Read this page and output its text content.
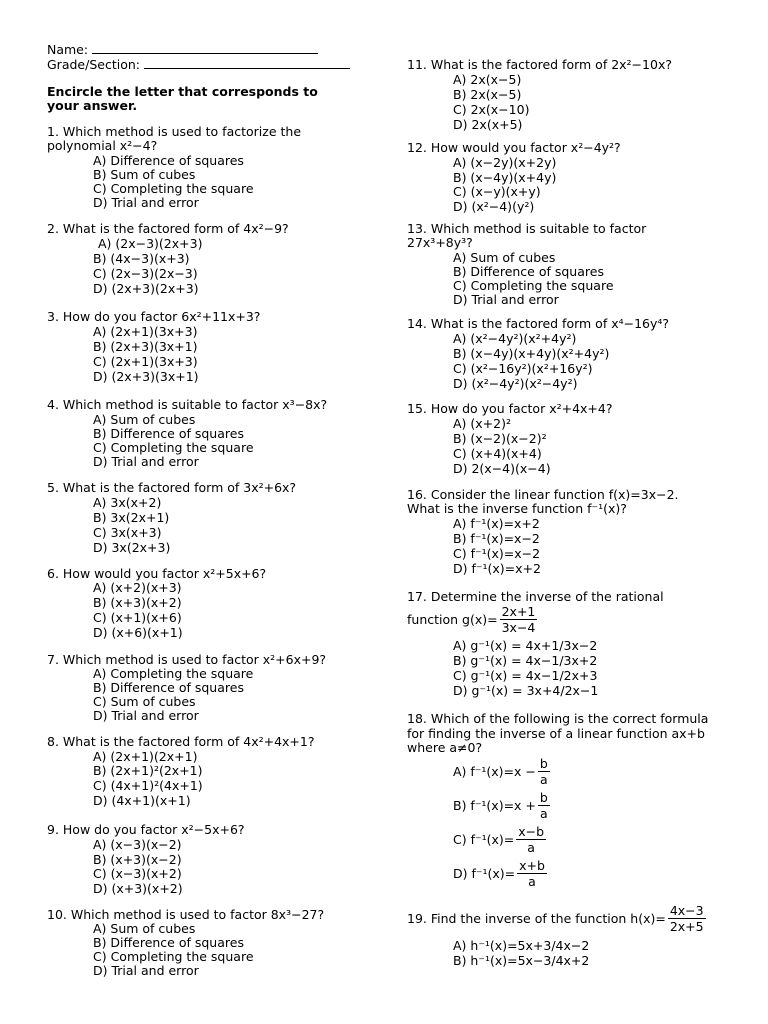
Name:
Grade/Section:
Encircle the letter that corresponds to
your answer.
1. Which method is used to factorize the
polynomial x²−4?
A) Difference of squares
B) Sum of cubes
C) Completing the square
D) Trial and error
2. What is the factored form of 4x²−9?
A) (2x−3)(2x+3)
B) (4x−3)(x+3)
C) (2x−3)(2x−3)
D) (2x+3)(2x+3)
3. How do you factor 6x²+11x+3?
A) (2x+1)(3x+3)
B) (2x+3)(3x+1)
C) (2x+1)(3x+3)
D) (2x+3)(3x+1)
4. Which method is suitable to factor x³−8x?
A) Sum of cubes
B) Difference of squares
C) Completing the square
D) Trial and error
5. What is the factored form of 3x²+6x?
A) 3x(x+2)
B) 3x(2x+1)
C) 3x(x+3)
D) 3x(2x+3)
6. How would you factor x²+5x+6?
A) (x+2)(x+3)
B) (x+3)(x+2)
C) (x+1)(x+6)
D) (x+6)(x+1)
7. Which method is used to factor x²+6x+9?
A) Completing the square
B) Difference of squares
C) Sum of cubes
D) Trial and error
8. What is the factored form of 4x²+4x+1?
A) (2x+1)(2x+1)
B) (2x+1)²(2x+1)
C) (4x+1)²(4x+1)
D) (4x+1)(x+1)
9. How do you factor x²−5x+6?
A) (x−3)(x−2)
B) (x+3)(x−2)
C) (x−3)(x+2)
D) (x+3)(x+2)
10. Which method is used to factor 8x³−27?
A) Sum of cubes
B) Difference of squares
C) Completing the square
D) Trial and error
11. What is the factored form of 2x²−10x?
A) 2x(x−5)
B) 2x(x−5)
C) 2x(x−10)
D) 2x(x+5)
12. How would you factor x²−4y²?
A) (x−2y)(x+2y)
B) (x−4y)(x+4y)
C) (x−y)(x+y)
D) (x²−4)(y²)
13. Which method is suitable to factor
27x³+8y³?
A) Sum of cubes
B) Difference of squares
C) Completing the square
D) Trial and error
14. What is the factored form of x⁴−16y⁴?
A) (x²−4y²)(x²+4y²)
B) (x−4y)(x+4y)(x²+4y²)
C) (x²−16y²)(x²+16y²)
D) (x²−4y²)(x²−4y²)
15. How do you factor x²+4x+4?
A) (x+2)²
B) (x−2)(x−2)²
C) (x+4)(x+4)
D) 2(x−4)(x−4)
16. Consider the linear function f(x)=3x−2.
What is the inverse function f⁻¹(x)?
A) f⁻¹(x)=x+2
B) f⁻¹(x)=x−2
C) f⁻¹(x)=x−2
D) f⁻¹(x)=x+2
17. Determine the inverse of the rational
function $g(x)= \frac{2x+1}{3x-4}$
A) g⁻¹(x) = 4x+1/3x−2
B) g⁻¹(x) = 4x−1/3x+2
C) g⁻¹(x) = 4x−1/2x+3
D) g⁻¹(x) = 3x+4/2x−1
18. Which of the following is the correct formula
for finding the inverse of a linear function ax+b
where a≠0?
A) $f^{-1}(x)=x - \frac{b}{a}$
B) $f^{-1}(x)=x + \frac{b}{a}$
C) $f^{-1}(x)= \frac{x-b}{a}$
D) $f^{-1}(x)= \frac{x+b}{a}$
19. Find the inverse of the function $h(x)= \frac{4x-3}{2x+5}$
A) h⁻¹(x)=5x+3/4x−2
B) h⁻¹(x)=5x−3/4x+2
